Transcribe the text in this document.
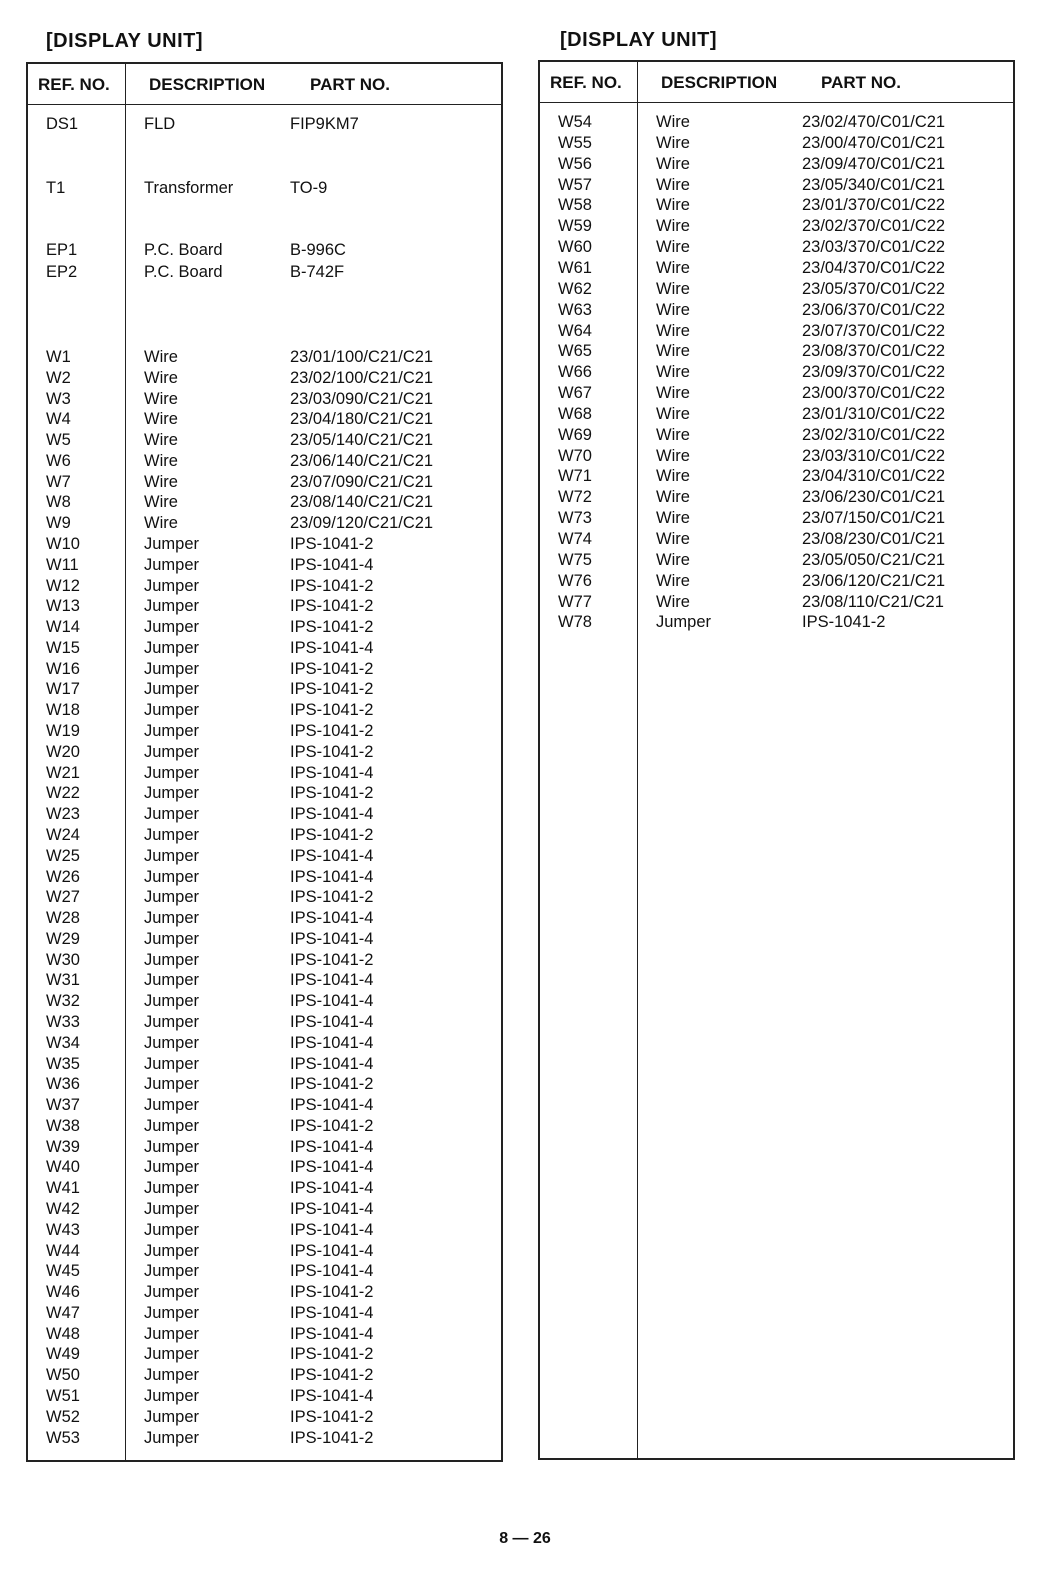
[DISPLAY UNIT]
REF. NO. DESCRIPTION	PART NO.
DS1	FLD	FIP9KM7
T1	Transformer	TO-9
EP1	P.C. Board	B-996C
EP2	P.C. Board	B-742F
W1	Wire	23/01/100/C21/C21
W2	Wire	23/02/100/C21/C21
W3	Wire	23/03/090/C21/C21
W4	Wire	23/04/180/C21/C21
W5	Wire	23/05/140/C21/C21
W6	Wire	23/06/140/C21/C21
W7	Wire	23/07/090/C21/C21
W8	Wire	23/08/140/C21/C21
W9	Wire	23/09/120/C21/C21
W10	Jumper	IPS-1041-2
W11	Jumper	IPS-1041-4
W12	Jumper	IPS-1041-2
W13	Jumper	IPS-1041-2
W14	Jumper	IPS-1041-2
W15	Jumper	IPS-1041-4
W16	Jumper	IPS-1041-2
W17	Jumper	IPS-1041-2
W18	Jumper	IPS-1041-2
W19	Jumper	IPS-1041-2
W20	Jumper	IPS-1041-2
W21	Jumper	IPS-1041-4
W22	Jumper	IPS-1041-2
W23	Jumper	IPS-1041-4
W24	Jumper	IPS-1041-2
W25	Jumper	IPS-1041-4
W26	Jumper	IPS-1041-4
W27	Jumper	IPS-1041-2
W28	Jumper	IPS-1041-4
W29	Jumper	IPS-1041-4
W30	Jumper	IPS-1041-2
W31	Jumper	IPS-1041-4
W32	Jumper	IPS-1041-4
W33	Jumper	IPS-1041-4
W34	Jumper	IPS-1041-4
W35	Jumper	IPS-1041-4
W36	Jumper	IPS-1041-2
W37	Jumper	IPS-1041-4
W38	Jumper	IPS-1041-2
W39	Jumper	IPS-1041-4
W40	Jumper	IPS-1041-4
W41	Jumper	IPS-1041-4
W42	Jumper	IPS-1041-4
W43	Jumper	IPS-1041-4
W44	Jumper	IPS-1041-4
W45	Jumper	IPS-1041-4
W46	Jumper	IPS-1041-2
W47	Jumper	IPS-1041-4
W48	Jumper	IPS-1041-4
W49	Jumper	IPS-1041-2
W50	Jumper	IPS-1041-2
W51	Jumper	IPS-1041-4
W52	Jumper	IPS-1041-2
W53	Jumper	IPS-1041-2
[DISPLAY UNIT]
REF. NO. DESCRIPTION	PART NO.
W54	Wire	23/02/470/C01/C21
W55	Wire	23/00/470/C01/C21
W56	Wire	23/09/470/C01/C21
W57	Wire	23/05/340/C01/C21
W58	Wire	23/01/370/C01/C22
W59	Wire	23/02/370/C01/C22
W60	Wire	23/03/370/C01/C22
W61	Wire	23/04/370/C01/C22
W62	Wire	23/05/370/C01/C22
W63	Wire	23/06/370/C01/C22
W64	Wire	23/07/370/C01/C22
W65	Wire	23/08/370/C01/C22
W66	Wire	23/09/370/C01/C22
W67	Wire	23/00/370/C01/C22
W68	Wire	23/01/310/C01/C22
W69	Wire	23/02/310/C01/C22
W70	Wire	23/03/310/C01/C22
W71	Wire	23/04/310/C01/C22
W72	Wire	23/06/230/C01/C21
W73	Wire	23/07/150/C01/C21
W74	Wire	23/08/230/C01/C21
W75	Wire	23/05/050/C21/C21
W76	Wire	23/06/120/C21/C21
W77	Wire	23/08/110/C21/C21
W78	Jumper	IPS-1041-2
8 — 26
